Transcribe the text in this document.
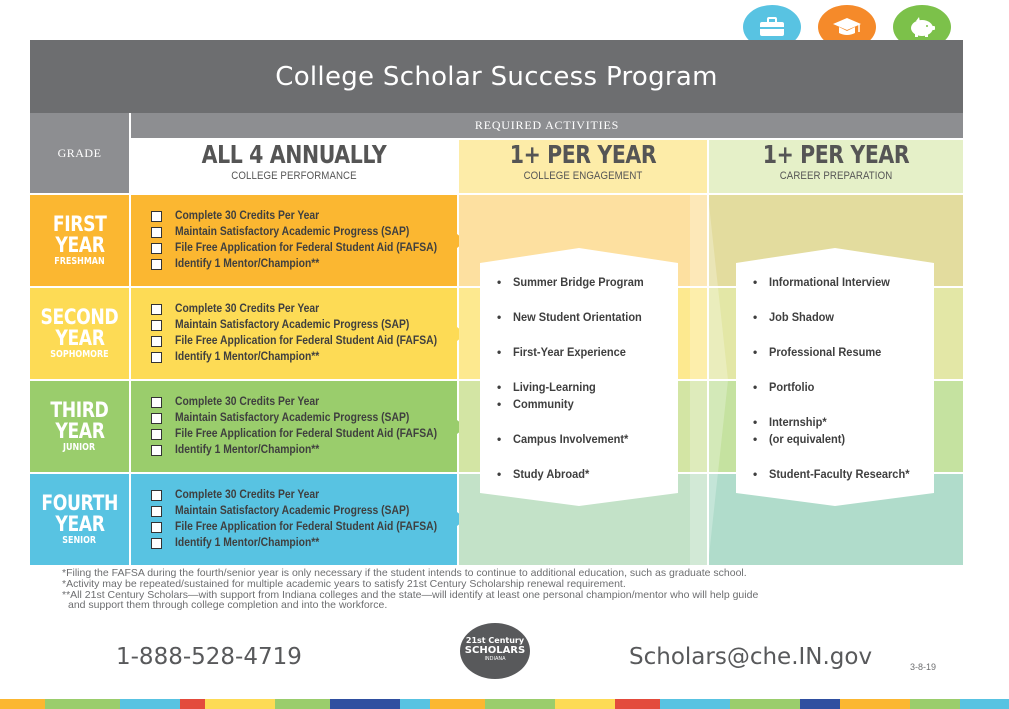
College Scholar Success Program
GRADE
REQUIRED ACTIVITIES
ALL 4 ANNUALLY
COLLEGE PERFORMANCE
1+ PER YEAR
COLLEGE ENGAGEMENT
1+ PER YEAR
CAREER PREPARATION
FIRST
YEAR
FRESHMAN
Complete 30 Credits Per Year
Maintain Satisfactory Academic Progress (SAP)
File Free Application for Federal Student Aid (FAFSA)
Identify 1 Mentor/Champion**
SECOND
YEAR
SOPHOMORE
Complete 30 Credits Per Year
Maintain Satisfactory Academic Progress (SAP)
File Free Application for Federal Student Aid (FAFSA)
Identify 1 Mentor/Champion**
THIRD
YEAR
JUNIOR
Complete 30 Credits Per Year
Maintain Satisfactory Academic Progress (SAP)
File Free Application for Federal Student Aid (FAFSA)
Identify 1 Mentor/Champion**
FOURTH
YEAR
SENIOR
Complete 30 Credits Per Year
Maintain Satisfactory Academic Progress (SAP)
File Free Application for Federal Student Aid (FAFSA)
Identify 1 Mentor/Champion**
• Summer Bridge Program
• New Student Orientation
• First-Year Experience
• Living-Learning
• Community
• Campus Involvement*
• Study Abroad*
• Informational Interview
• Job Shadow
• Professional Resume
• Portfolio
• Internship*
• (or equivalent)
• Student-Faculty Research*
*Filing the FAFSA during the fourth/senior year is only necessary if the student intends to continue to additional education, such as graduate school.
*Activity may be repeated/sustained for multiple academic years to satisfy 21st Century Scholarship renewal requirement.
**All 21st Century Scholars—with support from Indiana colleges and the state—will identify at least one personal champion/mentor who will help guide
and support them through college completion and into the workforce.
1-888-528-4719
21st Century
SCHOLARS
INDIANA	Scholars@che.IN.gov	3-8-19
